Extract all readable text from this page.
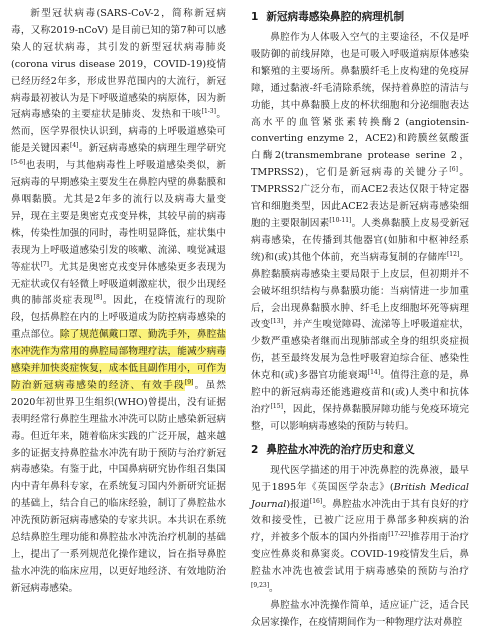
新型冠状病毒(SARS-CoV-2，简称新冠病毒，又称2019-nCoV) 是目前已知的第7种可以感染人的冠状病毒，其引发的新型冠状病毒肺炎(corona virus disease 2019，COVID-19)疫情已经历经2年多，形成世界范围内的大流行，新冠病毒最初被认为是下呼吸道感染的病原体，因为新冠病毒感染的主要症状是肺炎、发热和干咳[1-3]。然而，医学界很快认识到，病毒的上呼吸道感染可能是关键因素[4]。新冠病毒感染的病理生理学研究[5-6]也表明，与其他病毒性上呼吸道感染类似，新冠病毒的早期感染主要发生在鼻腔内壁的鼻黏膜和鼻咽黏膜。尤其是2年多的流行以及病毒大量变异，现在主要是奥密克戎变异株，其较早前的病毒株，传染性加强的同时，毒性明显降低，症状集中表现为上呼吸道感染引发的咳嗽、流涕、嗅觉减退等症状[7]。尤其是奥密克戎变异体感染更多表现为无症状或仅有轻微上呼吸道刺激症状，很少出现经典的肺部炎症表现[8]。因此，在疫情流行的现阶段，包括鼻腔在内的上呼吸道成为防控病毒感染的重点部位。除了规范佩戴口罩、勤洗手外，鼻腔盐水冲洗作为常用的鼻腔局部物理疗法，能减少病毒感染并加快炎症恢复，成本低且副作用小，可作为防治新冠病毒感染的经济、有效手段[9]。虽然2020年初世界卫生组织(WHO)曾提出，没有证据表明经常行鼻腔生理盐水冲洗可以防止感染新冠病毒。但近年来，随着临床实践的广泛开展，越来越多的证据支持鼻腔盐水冲洗有助于预防与治疗新冠病毒感染。有鉴于此，中国鼻病研究协作组召集国内中青年鼻科专家，在系统复习国内外新研究证据的基础上，结合自己的临床经验，制订了鼻腔盐水冲洗预防新冠病毒感染的专家共识。本共识在系统总结鼻腔生理功能和鼻腔盐水冲洗治疗机制的基础上，提出了一系列规范化操作建议，旨在指导鼻腔盐水冲洗的临床应用，以更好地经济、有效地防治新冠病毒感染。

1 新冠病毒感染鼻腔的病理机制

鼻腔作为人体吸入空气的主要途径，不仅是呼吸防御的前线屏障，也是可吸入呼吸道病原体感染和繁殖的主要场所。鼻黏膜纤毛上皮构建的免疫屏障，通过黏液-纤毛清除系统，保持着鼻腔的清洁与功能，其中鼻黏膜上皮的杯状细胞和分泌细胞表达高水平的血管紧张素转换酶2 (angiotensin-converting enzyme 2，ACE2)和跨膜丝氨酸蛋白酶2(transmembrane protease serine 2，TMPRSS2)，它们是新冠病毒的关键分子[6]。TMPRSS2广泛分布，而ACE2表达仅限于特定器官和细胞类型，因此ACE2表达是新冠病毒感染细胞的主要限制因素[10-11]。人类鼻黏膜上皮易受新冠病毒感染，在传播到其他器官(如肺和中枢神经系统)和(或)其他个体前，充当病毒复制的存储库[12]。鼻腔黏膜病毒感染主要局限于上皮层，但初期并不会破坏组织结构与鼻黏膜功能：当病情进一步加重后，会出现鼻黏膜水肿、纤毛上皮细胞坏死等病理改变[13]，并产生嗅觉障碍、流涕等上呼吸道症状，少数严重感染者继而出现肺部或全身的组织炎症损伤，甚至最终发展为急性呼吸窘迫综合征、感染性休克和(或)多器官功能衰竭[14]。值得注意的是，鼻腔中的新冠病毒还能逃避疫苗和(或)人类中和抗体治疗[15]，因此，保持鼻黏膜屏障功能与免疫环境完整，可以影响病毒感染的预防与转归。

2 鼻腔盐水冲洗的治疗历史和意义

现代医学描述的用于冲洗鼻腔的洗鼻液，最早见于1895年《英国医学杂志》(British Medical Journal)报道[16]。鼻腔盐水冲洗由于其有良好的疗效和接受性，已被广泛应用于鼻部多种疾病的治疗，并被多个版本的国内外指南[17-22]推荐用于治疗变应性鼻炎和鼻窦炎。COVID-19疫情发生后，鼻腔盐水冲洗也被尝试用于病毒感染的预防与治疗[9,23]。

鼻腔盐水冲洗操作简单，适应证广泛，适合民众居家操作，在疫情期间作为一种物理疗法对鼻腔
